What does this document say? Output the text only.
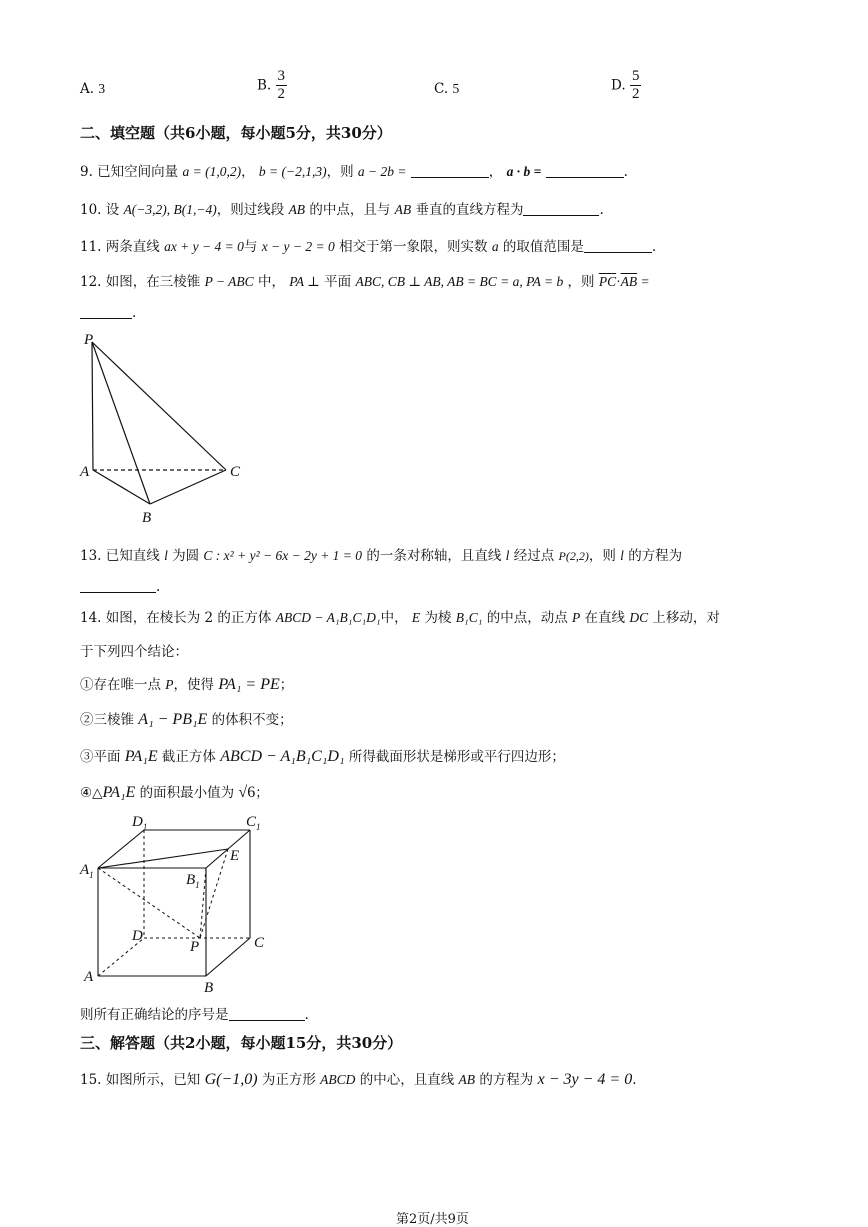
A. 3	B. $\frac{3}{2}$	C. 5	D. $\frac{5}{2}$
二、填空题（共6小题，每小题5分，共30分）
9. 已知空间向量 a = (1,0,2)， b = (−2,1,3)，则 a − 2b =	， a · b =	.
10. 设 A(−3,2), B(1,−4)，则过线段 AB 的中点，且与 AB 垂直的直线方程为	.
11. 两条直线 ax + y − 4 = 0与 x − y − 2 = 0 相交于第一象限，则实数 a 的取值范围是	.
12. 如图，在三棱锥 P − ABC 中， PA ⊥ 平面 ABC, CB ⊥ AB, AB = BC = a, PA = b ，则 $\overline{PC}\cdot\overline{AB}$ =
.
P
A	C
B
13. 已知直线 l 为圆 C : x² + y² − 6x − 2y + 1 = 0 的一条对称轴，且直线 l 经过点 P(2,2)，则 l 的方程为
.
14. 如图，在棱长为 2 的正方体 ABCD − A₁B₁C₁D₁中， E 为棱 B₁C₁ 的中点，动点 P 在直线 DC 上移动，对
于下列四个结论：
①存在唯一点 P，使得 PA₁ = PE；
②三棱锥 A₁ − PB₁E 的体积不变；
③平面 PA₁E 截正方体 ABCD − A₁B₁C₁D₁ 所得截面形状是梯形或平行四边形；
④△PA₁E 的面积最小值为 √6；
$D_1$	$C_1$
$A_1$	$B_1$
E
D
P	C
A
B
则所有正确结论的序号是	.
三、解答题（共2小题，每小题15分，共30分）
15. 如图所示，已知 G(−1,0) 为正方形 ABCD 的中心，且直线 AB 的方程为 x − 3y − 4 = 0.
第2页/共9页
